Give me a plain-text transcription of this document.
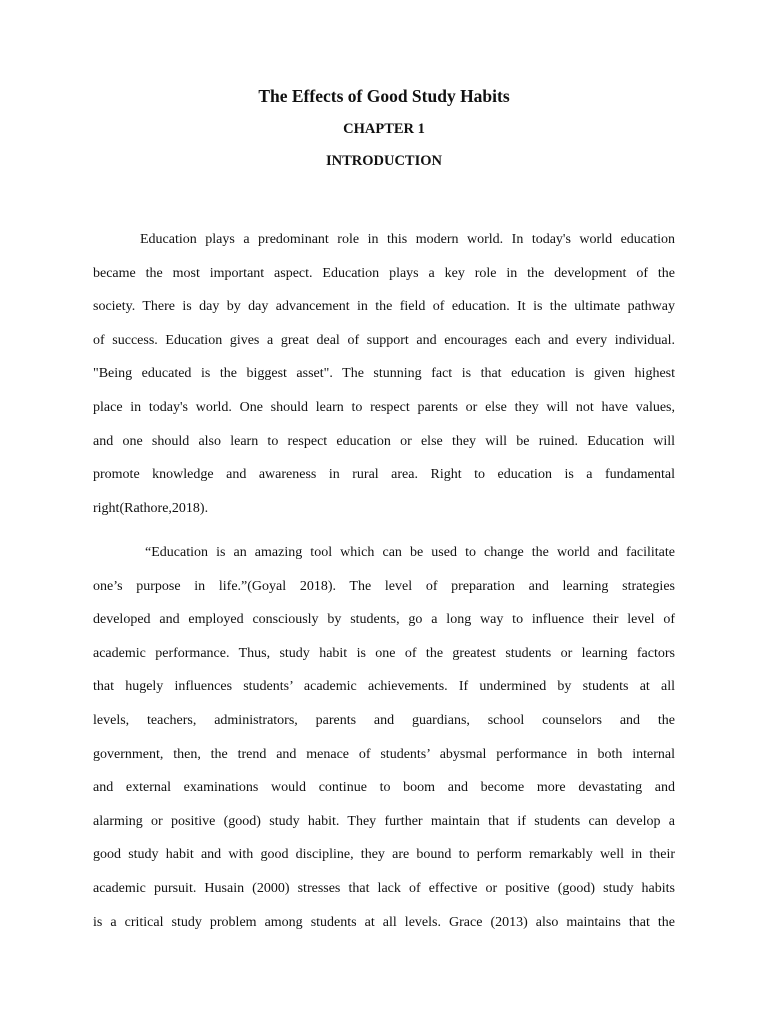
The Effects of Good Study Habits
CHAPTER 1
INTRODUCTION
Education plays a predominant role in this modern world. In today's world education
became the most important aspect. Education plays a key role in the development of the
society. There is day by day advancement in the field of education. It is the ultimate pathway
of success. Education gives a great deal of support and encourages each and every individual.
"Being educated is the biggest asset". The stunning fact is that education is given highest
place in today's world. One should learn to respect parents or else they will not have values,
and one should also learn to respect education or else they will be ruined. Education will
promote knowledge and awareness in rural area. Right to education is a fundamental
right(Rathore,2018).
“Education is an amazing tool which can be used to change the world and facilitate
one’s purpose in life.”(Goyal 2018). The level of preparation and learning strategies
developed and employed consciously by students, go a long way to influence their level of
academic performance. Thus, study habit is one of the greatest students or learning factors
that hugely influences students’ academic achievements. If undermined by students at all
levels, teachers, administrators, parents and guardians, school counselors and the
government, then, the trend and menace of students’ abysmal performance in both internal
and external examinations would continue to boom and become more devastating and
alarming or positive (good) study habit. They further maintain that if students can develop a
good study habit and with good discipline, they are bound to perform remarkably well in their
academic pursuit. Husain (2000) stresses that lack of effective or positive (good) study habits
is a critical study problem among students at all levels. Grace (2013) also maintains that the
